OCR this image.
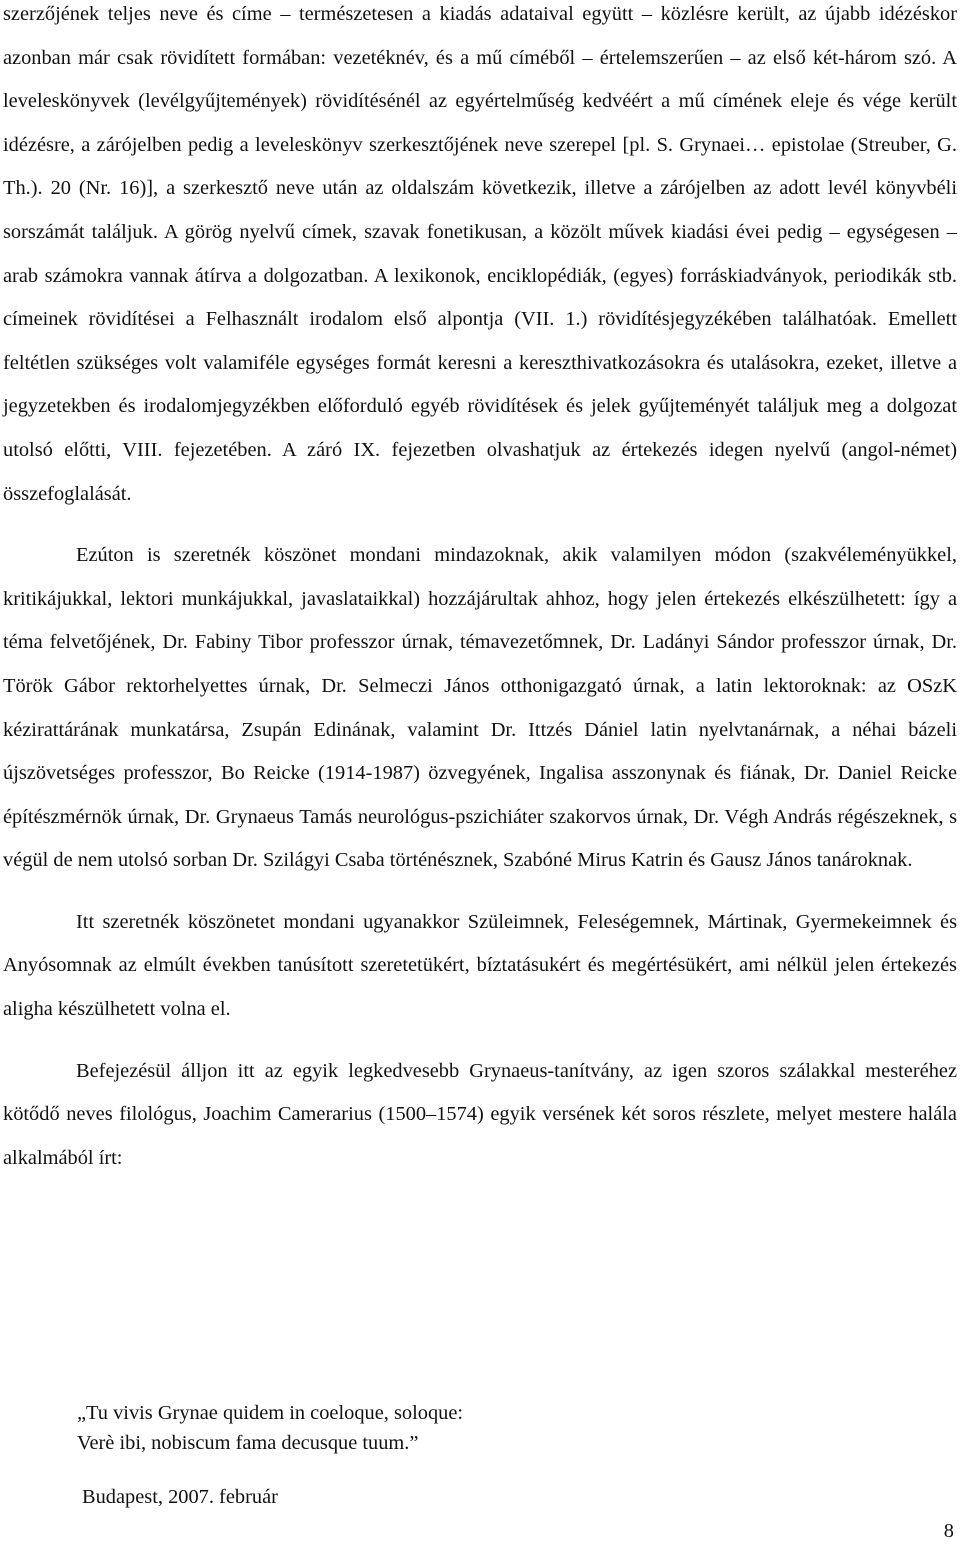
szerzőjének teljes neve és címe – természetesen a kiadás adataival együtt – közlésre került, az újabb idézéskor azonban már csak rövidített formában: vezetéknév, és a mű címéből – értelemszerűen – az első két-három szó. A leveleskönyvek (levélgyűjtemények) rövidítésénél az egyértelműség kedvéért a mű címének eleje és vége került idézésre, a zárójelben pedig a leveleskönyv szerkesztőjének neve szerepel [pl. S. Grynaei… epistolae (Streuber, G. Th.). 20 (Nr. 16)], a szerkesztő neve után az oldalszám következik, illetve a zárójelben az adott levél könyvbéli sorszámát találjuk. A görög nyelvű címek, szavak fonetikusan, a közölt művek kiadási évei pedig – egységesen – arab számokra vannak átírva a dolgozatban. A lexikonok, enciklopédiák, (egyes) forráskiadványok, periodikák stb. címeinek rövidítései a Felhasznált irodalom első alpontja (VII. 1.) rövidítésjegyzékében találhatóak. Emellett feltétlen szükséges volt valamiféle egységes formát keresni a kereszthivatkozásokra és utalásokra, ezeket, illetve a jegyzetekben és irodalomjegyzékben előforduló egyéb rövidítések és jelek gyűjteményét találjuk meg a dolgozat utolsó előtti, VIII. fejezetében. A záró IX. fejezetben olvashatjuk az értekezés idegen nyelvű (angol-német) összefoglalását.

Ezúton is szeretnék köszönet mondani mindazoknak, akik valamilyen módon (szakvéleményükkel, kritikájukkal, lektori munkájukkal, javaslataikkal) hozzájárultak ahhoz, hogy jelen értekezés elkészülhetett: így a téma felvetőjének, Dr. Fabiny Tibor professzor úrnak, témavezetőmnek, Dr. Ladányi Sándor professzor úrnak, Dr. Török Gábor rektorhelyettes úrnak, Dr. Selmeczi János otthonigazgató úrnak, a latin lektoroknak: az OSzK kézirattárának munkatársa, Zsupán Edinának, valamint Dr. Ittzés Dániel latin nyelvtanárnak, a néhai bázeli újszövetséges professzor, Bo Reicke (1914-1987) özvegyének, Ingalisa asszonynak és fiának, Dr. Daniel Reicke építészmérnök úrnak, Dr. Grynaeus Tamás neurológus-pszichiáter szakorvos úrnak, Dr. Végh András régészeknek, s végül de nem utolsó sorban Dr. Szilágyi Csaba történésznek, Szabóné Mirus Katrin és Gausz János tanároknak.

Itt szeretnék köszönetet mondani ugyanakkor Szüleimnek, Feleségemnek, Mártinak, Gyermekeimnek és Anyósomnak az elmúlt években tanúsított szeretetükért, bíztatásukért és megértésükért, ami nélkül jelen értekezés aligha készülhetett volna el.

Befejezésül álljon itt az egyik legkedvesebb Grynaeus-tanítvány, az igen szoros szálakkal mesteréhez kötődő neves filológus, Joachim Camerarius (1500–1574) egyik versének két soros részlete, melyet mestere halála alkalmából írt:

„Tu vivis Grynae quidem in coeloque, soloque:
Verè ibi, nobiscum fama decusque tuum.”
Budapest, 2007. február
8
